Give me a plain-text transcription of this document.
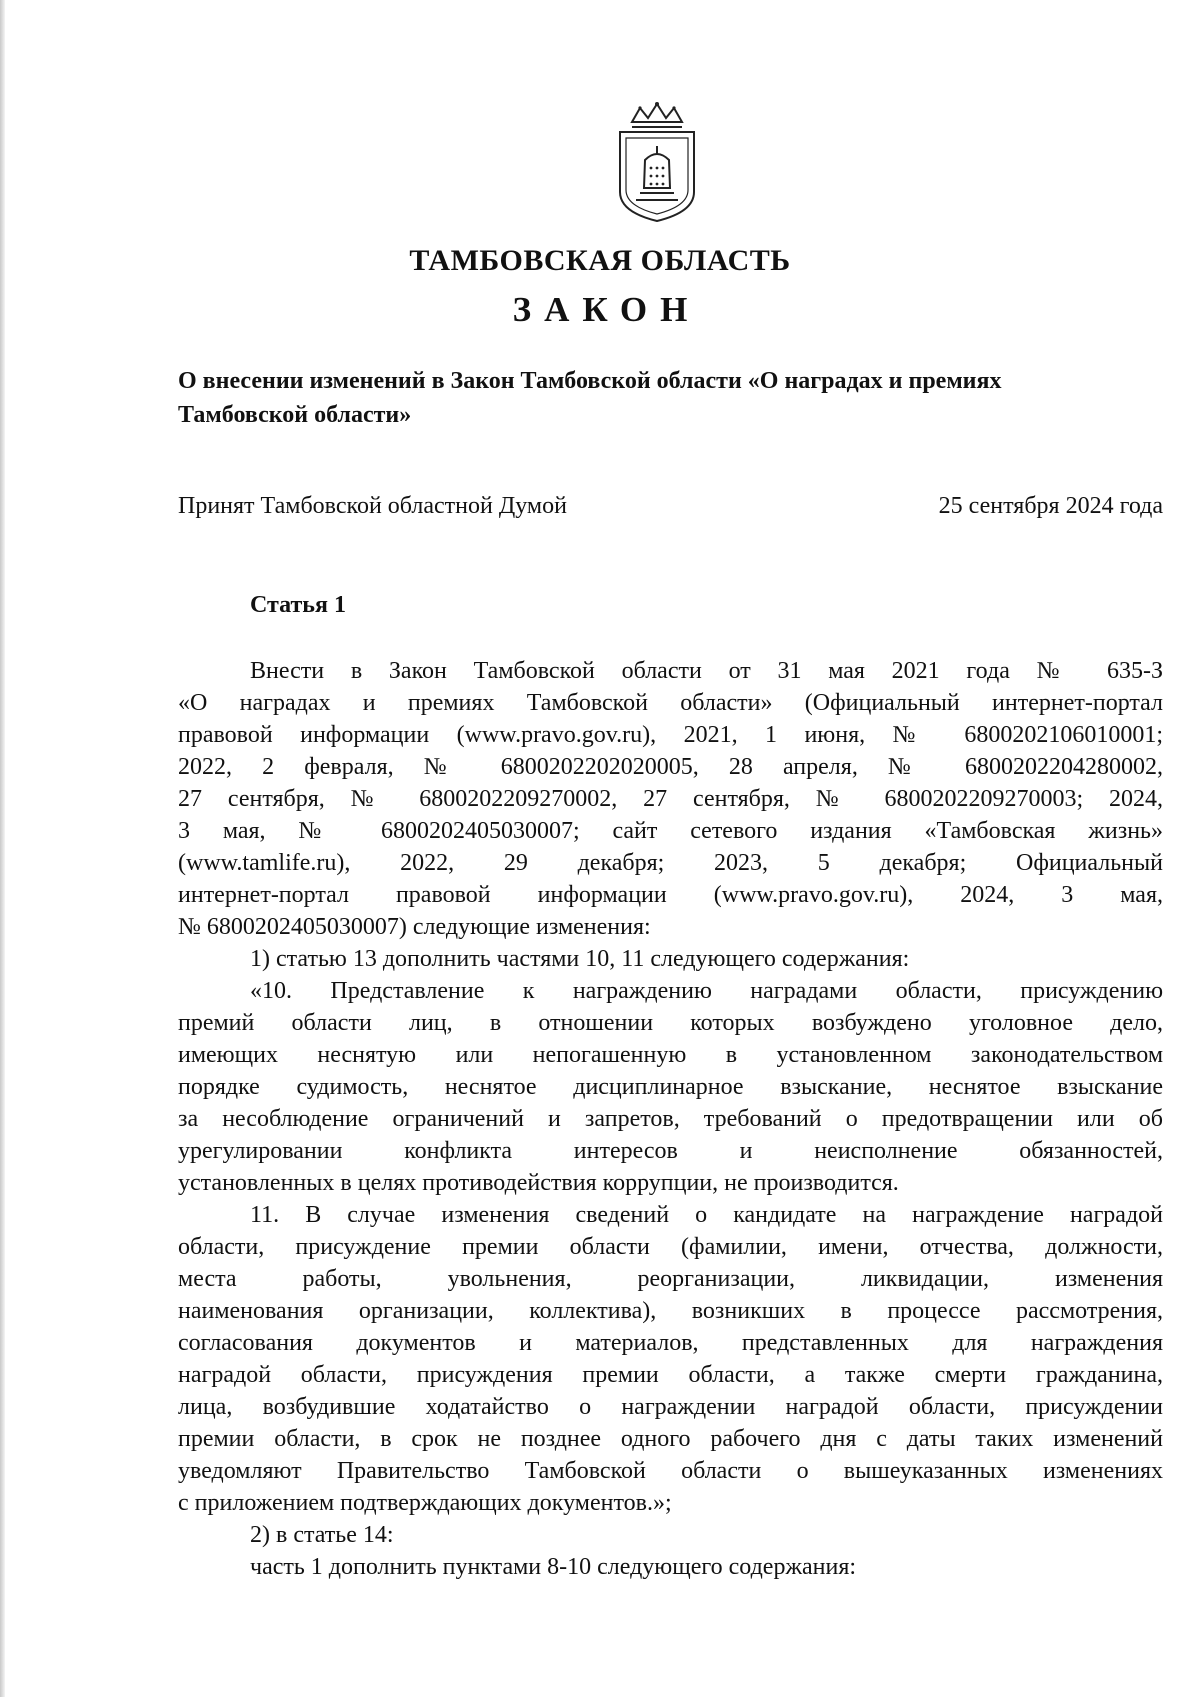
ТАМБОВСКАЯ ОБЛАСТЬ
ЗАКОН
О внесении изменений в Закон Тамбовской области «О наградах и премиях
Тамбовской области»
Принят Тамбовской областной Думой	25 сентября 2024 года
Статья 1
Внести в Закон Тамбовской области от 31 мая 2021 года № 635-З
«О наградах и премиях Тамбовской области» (Официальный интернет-портал
правовой информации (www.pravo.gov.ru), 2021, 1 июня, № 6800202106010001;
2022, 2 февраля, № 6800202202020005, 28 апреля, № 6800202204280002,
27 сентября, № 6800202209270002, 27 сентября, № 6800202209270003; 2024,
3 мая, № 6800202405030007; сайт сетевого издания «Тамбовская жизнь»
(www.tamlife.ru), 2022, 29 декабря; 2023, 5 декабря; Официальный
интернет-портал правовой информации (www.pravo.gov.ru), 2024, 3 мая,
№ 6800202405030007) следующие изменения:
1) статью 13 дополнить частями 10, 11 следующего содержания:
«10. Представление к награждению наградами области, присуждению
премий области лиц, в отношении которых возбуждено уголовное дело,
имеющих неснятую или непогашенную в установленном законодательством
порядке судимость, неснятое дисциплинарное взыскание, неснятое взыскание
за несоблюдение ограничений и запретов, требований о предотвращении или об
урегулировании конфликта интересов и неисполнение обязанностей,
установленных в целях противодействия коррупции, не производится.
11. В случае изменения сведений о кандидате на награждение наградой
области, присуждение премии области (фамилии, имени, отчества, должности,
места работы, увольнения, реорганизации, ликвидации, изменения
наименования организации, коллектива), возникших в процессе рассмотрения,
согласования документов и материалов, представленных для награждения
наградой области, присуждения премии области, а также смерти гражданина,
лица, возбудившие ходатайство о награждении наградой области, присуждении
премии области, в срок не позднее одного рабочего дня с даты таких изменений
уведомляют Правительство Тамбовской области о вышеуказанных изменениях
с приложением подтверждающих документов.»;
2) в статье 14:
часть 1 дополнить пунктами 8-10 следующего содержания:
